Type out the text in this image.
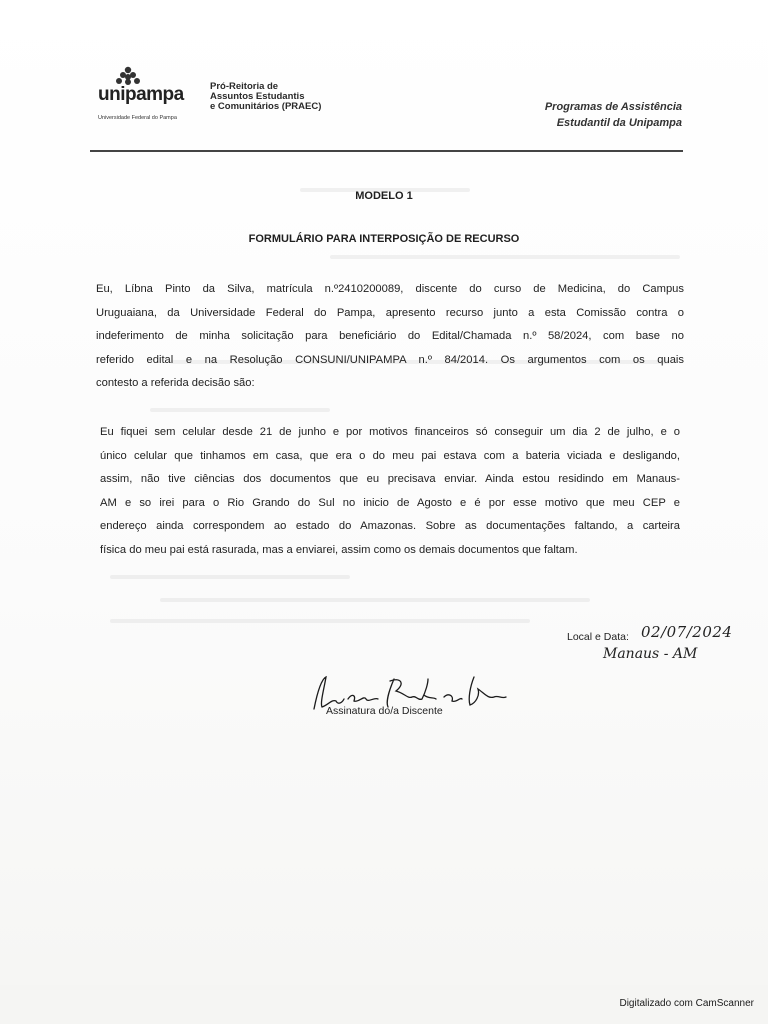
unipampa
Universidade Federal do Pampa
Pró-Reitoria de
Assuntos Estudantis
e Comunitários (PRAEC)	Programas de Assistência
Estudantil da Unipampa
MODELO 1
FORMULÁRIO PARA INTERPOSIÇÃO DE RECURSO
Eu, Líbna Pinto da Silva, matrícula n.º2410200089, discente do curso de Medicina, do Campus
Uruguaiana, da Universidade Federal do Pampa, apresento recurso junto a esta Comissão contra o
indeferimento de minha solicitação para beneficiário do Edital/Chamada n.º 58/2024, com base no
referido edital e na Resolução CONSUNI/UNIPAMPA n.º 84/2014. Os argumentos com os quais
contesto a referida decisão são:
Eu fiquei sem celular desde 21 de junho e por motivos financeiros só conseguir um dia 2 de julho, e o
único celular que tinhamos em casa, que era o do meu pai estava com a bateria viciada e desligando,
assim, não tive ciências dos documentos que eu precisava enviar. Ainda estou residindo em Manaus-
AM e so irei para o Rio Grando do Sul no inicio de Agosto e é por esse motivo que meu CEP e
endereço ainda correspondem ao estado do Amazonas. Sobre as documentações faltando, a carteira
física do meu pai está rasurada, mas a enviarei, assim como os demais documentos que faltam.
Local e Data: 02/07/2024
Manaus - AM
Assinatura do/a Discente
Digitalizado com CamScanner
